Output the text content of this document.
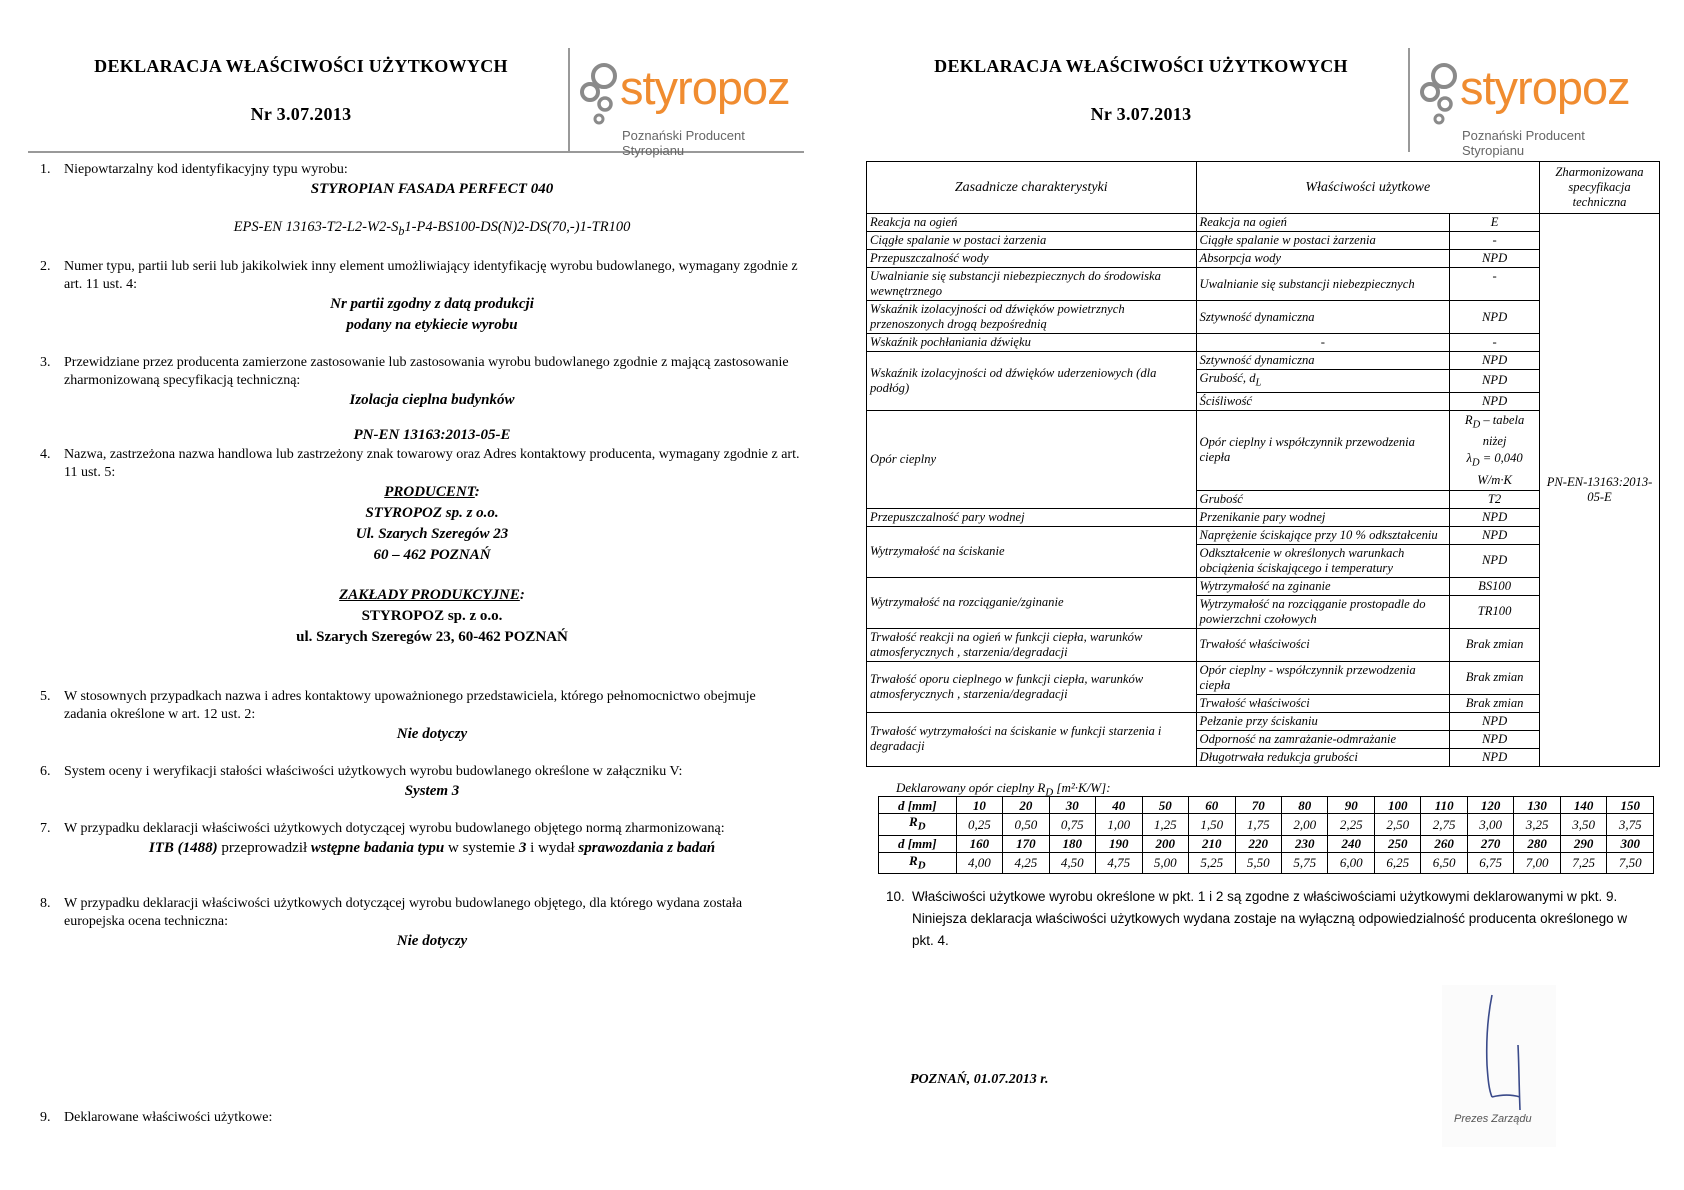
DEKLARACJA WŁAŚCIWOŚCI UŻYTKOWYCH
Nr 3.07.2013	styropoz
Poznański Producent Styropianu
1. Niepowtarzalny kod identyfikacyjny typu wyrobu:
STYROPIAN FASADA PERFECT 040
EPS-EN $13163-T2-L2-W2-S_b1-P4-BS100-DS(N)2-DS(70,-)1-TR100$
2. Numer typu, partii lub serii lub jakikolwiek inny element umożliwiający identyfikację wyrobu budowlanego, wymagany zgodnie z art. 11 ust. 4:
Nr partii zgodny z datą produkcji
podany na etykiecie wyrobu
3. Przewidziane przez producenta zamierzone zastosowanie lub zastosowania wyrobu budowlanego zgodnie z mającą zastosowanie zharmonizowaną specyfikacją techniczną:
Izolacja cieplna budynków
PN-EN 13163:2013-05-E
4. Nazwa, zastrzeżona nazwa handlowa lub zastrzeżony znak towarowy oraz Adres kontaktowy producenta, wymagany zgodnie z art. 11 ust. 5:
PRODUCENT:
STYROPOZ sp. z o.o.
Ul. Szarych Szeregów 23
60 – 462 POZNAŃ
ZAKŁADY PRODUKCYJNE:
STYROPOZ sp. z o.o.
ul. Szarych Szeregów 23, 60-462 POZNAŃ
5. W stosownych przypadkach nazwa i adres kontaktowy upoważnionego przedstawiciela, którego pełnomocnictwo obejmuje zadania określone w art. 12 ust. 2:
Nie dotyczy
6. System oceny i weryfikacji stałości właściwości użytkowych wyrobu budowlanego określone w załączniku V:
System 3
7. W przypadku deklaracji właściwości użytkowych dotyczącej wyrobu budowlanego objętego normą zharmonizowaną:
ITB (1488) przeprowadził wstępne badania typu w systemie 3 i wydał sprawozdania z badań
8. W przypadku deklaracji właściwości użytkowych dotyczącej wyrobu budowlanego objętego, dla którego wydana została europejska ocena techniczna:
Nie dotyczy
9. Deklarowane właściwości użytkowe:
DEKLARACJA WŁAŚCIWOŚCI UŻYTKOWYCH
Nr 3.07.2013	styropoz
Poznański Producent Styropianu
Zasadnicze charakterystyki	Właściwości użytkowe		Zharmonizowana specyfikacja techniczna

Reakcja na ogień	Reakcja na ogień	E	PN-EN-13163:2013-05-E
Ciągłe spalanie w postaci żarzenia	Ciągłe spalanie w postaci żarzenia	-	
Przepuszczalność wody	Absorpcja wody	NPD	
Uwalnianie się substancji niebezpiecznych do środowiska wewnętrznego	Uwalnianie się substancji niebezpiecznych	-	
Wskaźnik izolacyjności od dźwięków powietrznych przenoszonych drogą bezpośrednią	Sztywność dynamiczna	NPD	
Wskaźnik pochłaniania dźwięku	-	-	
Wskaźnik izolacyjności od dźwięków uderzeniowych (dla podłóg)	Sztywność dynamiczna	NPD	
	Grubość, $d_L$	NPD	
	Ściśliwość	NPD	
Opór cieplny	Opór cieplny i współczynnik przewodzenia ciepła	$R_D$ – tabela niżej
$\lambda_D = 0,040$ W/m·K	
	Grubość	T2	
Przepuszczalność pary wodnej	Przenikanie pary wodnej	NPD	
Wytrzymałość na ściskanie	Naprężenie ściskające przy 10 % odkształceniu	NPD	
	Odkształcenie w określonych warunkach obciążenia ściskającego i temperatury	NPD	
Wytrzymałość na rozciąganie/zginanie	Wytrzymałość na zginanie	BS100	
	Wytrzymałość na rozciąganie prostopadle do powierzchni czołowych	TR100	
Trwałość reakcji na ogień w funkcji ciepła, warunków atmosferycznych , starzenia/degradacji	Trwałość właściwości	Brak zmian	
Trwałość oporu cieplnego w funkcji ciepła, warunków atmosferycznych , starzenia/degradacji	Opór cieplny - współczynnik przewodzenia ciepła	Brak zmian	
	Trwałość właściwości	Brak zmian	
Trwałość wytrzymałości na ściskanie w funkcji starzenia i degradacji	Pełzanie przy ściskaniu	NPD	
	Odporność na zamrażanie-odmrażanie	NPD	
	Długotrwała redukcja grubości	NPD	
Deklarowany opór cieplny $R_D$ [m²·K/W]:
d [mm]	10	20	30	40	50	60	70	80	90	100	110	120	130	140	150
$R_D$	0,25	0,50	0,75	1,00	1,25	1,50	1,75	2,00	2,25	2,50	2,75	3,00	3,25	3,50	3,75
d [mm]	160	170	180	190	200	210	220	230	240	250	260	270	280	290	300
$R_D$	4,00	4,25	4,50	4,75	5,00	5,25	5,50	5,75	6,00	6,25	6,50	6,75	7,00	7,25	7,50
10. Właściwości użytkowe wyrobu określone w pkt. 1 i 2 są zgodne z właściwościami użytkowymi deklarowanymi w pkt. 9.
Niniejsza deklaracja właściwości użytkowych wydana zostaje na wyłączną odpowiedzialność producenta określonego w pkt. 4.
POZNAŃ, 01.07.2013 r.
Prezes Zarządu
